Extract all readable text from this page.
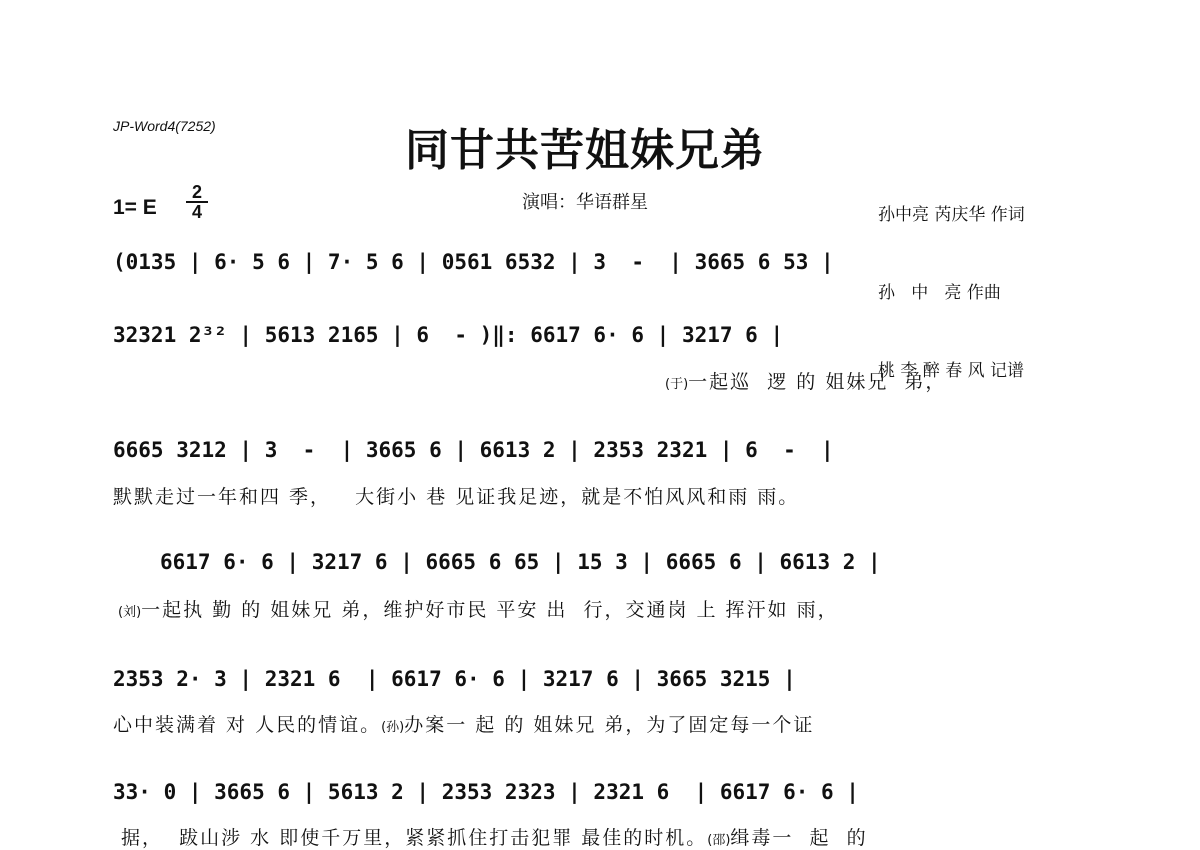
JP-Word4(7252)	同甘共苦姐妹兄弟

孙中亮 芮庆华 作词

孙   中   亮 作曲

桃 李 醉 春 风 记谱

演唱：华语群星
1= E $\frac{2}{4}$
(0135 | 6· 5 6 | 7· 5 6 | 0561 6532 | 3  -  | 3665 6 53 |
32321 2³² | 5613 2165 | 6  - )‖: 6617 6· 6 | 3217 6 |
(于)一起巡  逻 的 姐妹兄  弟，
6665 3212 | 3  -  | 3665 6 | 6613 2 | 2353 2321 | 6  -  |
默默走过一年和四 季，   大街小 巷 见证我足迹，就是不怕风风和雨 雨。
6617 6· 6 | 3217 6 | 6665 6 65 | 15 3 | 6665 6 | 6613 2 |
(刘)一起执 勤 的 姐妹兄 弟，维护好市民 平安 出  行，交通岗 上 挥汗如 雨，
2353 2· 3 | 2321 6  | 6617 6· 6 | 3217 6 | 3665 3215 |
心中装满着 对 人民的情谊。(孙)办案一 起 的 姐妹兄 弟，为了固定每一个证
33· 0 | 3665 6 | 5613 2 | 2353 2323 | 2321 6  | 6617 6· 6 |
据，  跋山涉 水 即使千万里，紧紧抓住打击犯罪 最佳的时机。(邵)缉毒一  起  的
